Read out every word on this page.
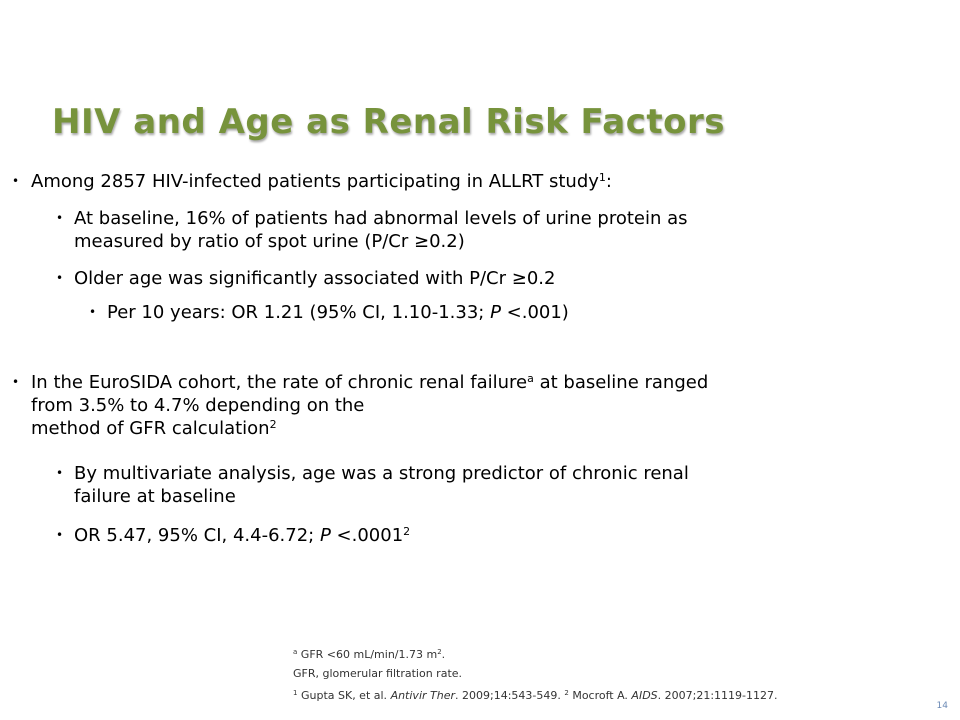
HIV and Age as Renal Risk Factors
• Among 2857 HIV-infected patients participating in ALLRT study$^1$:
• At baseline, 16% of patients had abnormal levels of urine protein as
measured by ratio of spot urine (P/Cr ≥0.2)
• Older age was significantly associated with P/Cr ≥0.2
• Per 10 years: OR 1.21 (95% CI, 1.10-1.33; P <.001)
• In the EuroSIDA cohort, the rate of chronic renal failure$^a$ at baseline ranged
from 3.5% to 4.7% depending on the
method of GFR calculation$^2$
• By multivariate analysis, age was a strong predictor of chronic renal
failure at baseline
• OR 5.47, 95% CI, 4.4-6.72; $P <.0001^2$
$^a$ GFR <60 mL/min/1.73 $m^2$.
GFR, glomerular filtration rate.
$^1$ Gupta SK, et al. Antivir Ther. 2009;14:543-549. $^2$ Mocroft A. AIDS. 2007;21:1119-1127.
14
